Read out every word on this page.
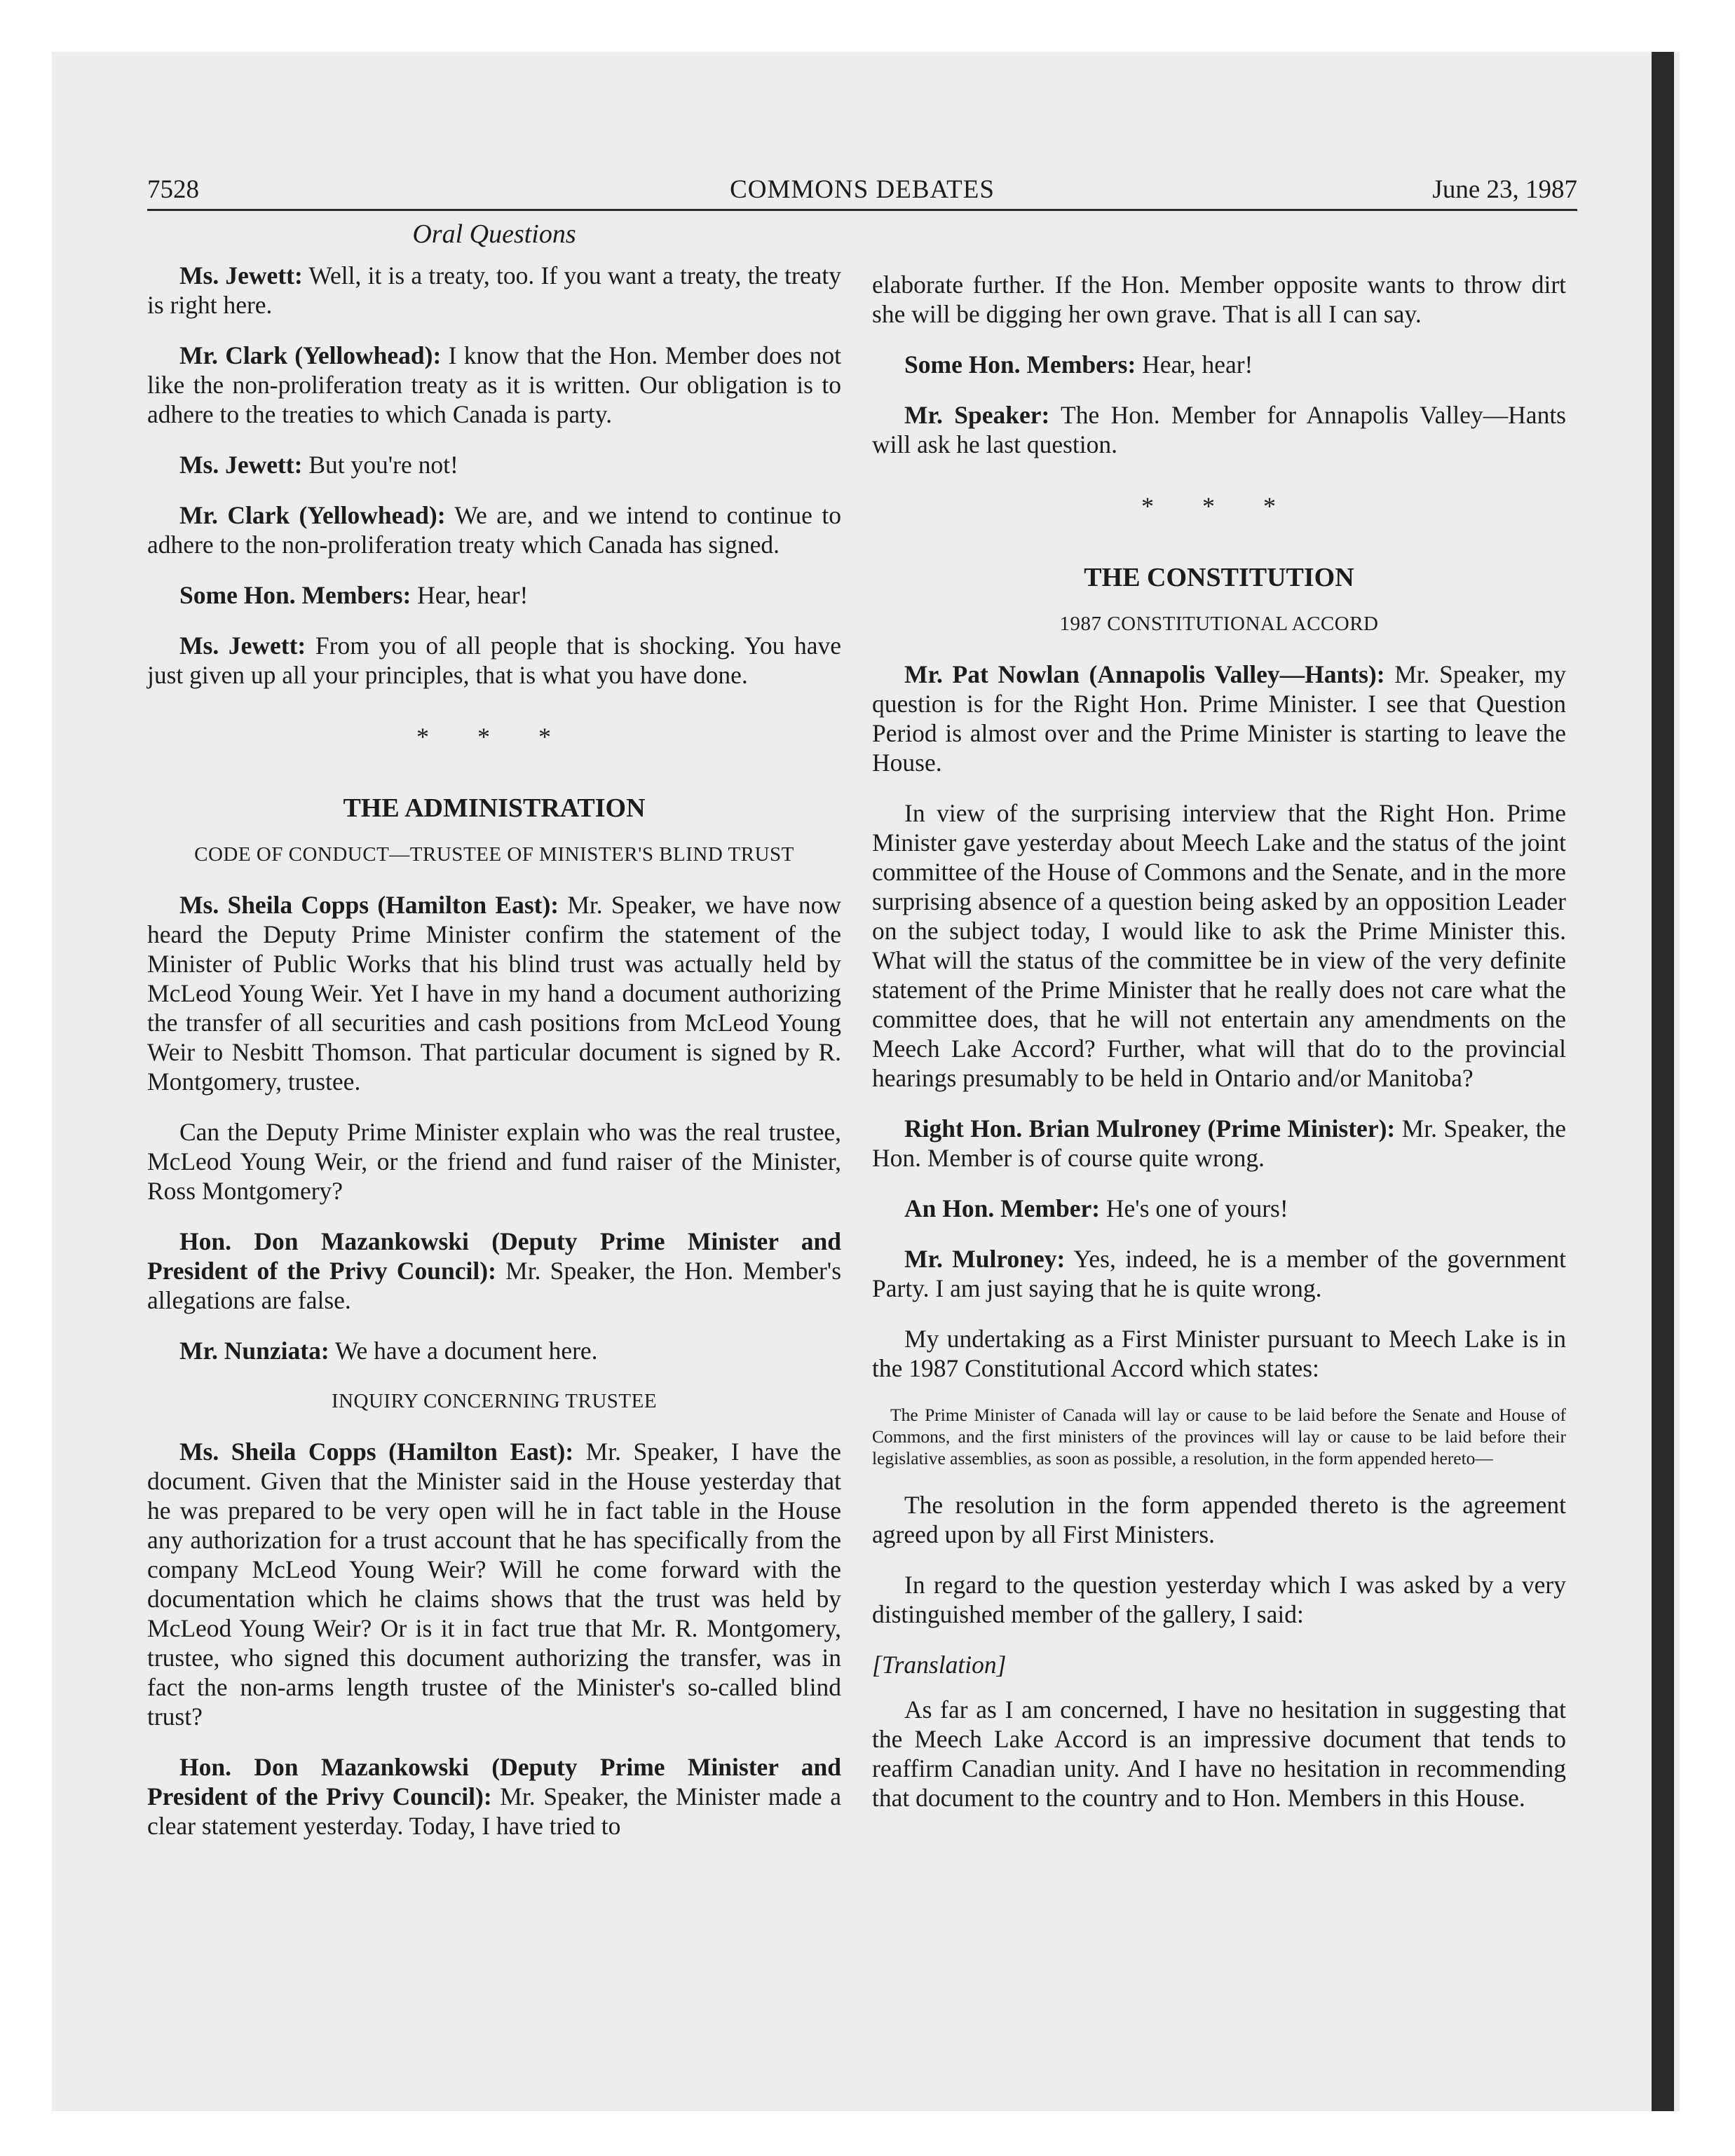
7528	COMMONS DEBATES	June 23, 1987
Oral Questions

Ms. Jewett: Well, it is a treaty, too. If you want a treaty, the treaty is right here.

Mr. Clark (Yellowhead): I know that the Hon. Member does not like the non-proliferation treaty as it is written. Our obligation is to adhere to the treaties to which Canada is party.

Ms. Jewett: But you're not!

Mr. Clark (Yellowhead): We are, and we intend to continue to adhere to the non-proliferation treaty which Canada has signed.

Some Hon. Members: Hear, hear!

Ms. Jewett: From you of all people that is shocking. You have just given up all your principles, that is what you have done.

* * *
THE ADMINISTRATION
CODE OF CONDUCT—TRUSTEE OF MINISTER'S BLIND TRUST

Ms. Sheila Copps (Hamilton East): Mr. Speaker, we have now heard the Deputy Prime Minister confirm the statement of the Minister of Public Works that his blind trust was actually held by McLeod Young Weir. Yet I have in my hand a document authorizing the transfer of all securities and cash positions from McLeod Young Weir to Nesbitt Thomson. That particular document is signed by R. Montgomery, trustee.

Can the Deputy Prime Minister explain who was the real trustee, McLeod Young Weir, or the friend and fund raiser of the Minister, Ross Montgomery?

Hon. Don Mazankowski (Deputy Prime Minister and President of the Privy Council): Mr. Speaker, the Hon. Member's allegations are false.

Mr. Nunziata: We have a document here.

INQUIRY CONCERNING TRUSTEE

Ms. Sheila Copps (Hamilton East): Mr. Speaker, I have the document. Given that the Minister said in the House yesterday that he was prepared to be very open will he in fact table in the House any authorization for a trust account that he has specifically from the company McLeod Young Weir? Will he come forward with the documentation which he claims shows that the trust was held by McLeod Young Weir? Or is it in fact true that Mr. R. Montgomery, trustee, who signed this document authorizing the transfer, was in fact the non-arms length trustee of the Minister's so-called blind trust?

Hon. Don Mazankowski (Deputy Prime Minister and President of the Privy Council): Mr. Speaker, the Minister made a clear statement yesterday. Today, I have tried to

elaborate further. If the Hon. Member opposite wants to throw dirt she will be digging her own grave. That is all I can say.

Some Hon. Members: Hear, hear!

Mr. Speaker: The Hon. Member for Annapolis Valley—Hants will ask he last question.

* * *
THE CONSTITUTION
1987 CONSTITUTIONAL ACCORD

Mr. Pat Nowlan (Annapolis Valley—Hants): Mr. Speaker, my question is for the Right Hon. Prime Minister. I see that Question Period is almost over and the Prime Minister is starting to leave the House.

In view of the surprising interview that the Right Hon. Prime Minister gave yesterday about Meech Lake and the status of the joint committee of the House of Commons and the Senate, and in the more surprising absence of a question being asked by an opposition Leader on the subject today, I would like to ask the Prime Minister this. What will the status of the committee be in view of the very definite statement of the Prime Minister that he really does not care what the committee does, that he will not entertain any amendments on the Meech Lake Accord? Further, what will that do to the provincial hearings presumably to be held in Ontario and/or Manitoba?

Right Hon. Brian Mulroney (Prime Minister): Mr. Speaker, the Hon. Member is of course quite wrong.

An Hon. Member: He's one of yours!

Mr. Mulroney: Yes, indeed, he is a member of the government Party. I am just saying that he is quite wrong.

My undertaking as a First Minister pursuant to Meech Lake is in the 1987 Constitutional Accord which states:

The Prime Minister of Canada will lay or cause to be laid before the Senate and House of Commons, and the first ministers of the provinces will lay or cause to be laid before their legislative assemblies, as soon as possible, a resolution, in the form appended hereto—

The resolution in the form appended thereto is the agreement agreed upon by all First Ministers.

In regard to the question yesterday which I was asked by a very distinguished member of the gallery, I said:

[Translation]

As far as I am concerned, I have no hesitation in suggesting that the Meech Lake Accord is an impressive document that tends to reaffirm Canadian unity. And I have no hesitation in recommending that document to the country and to Hon. Members in this House.
